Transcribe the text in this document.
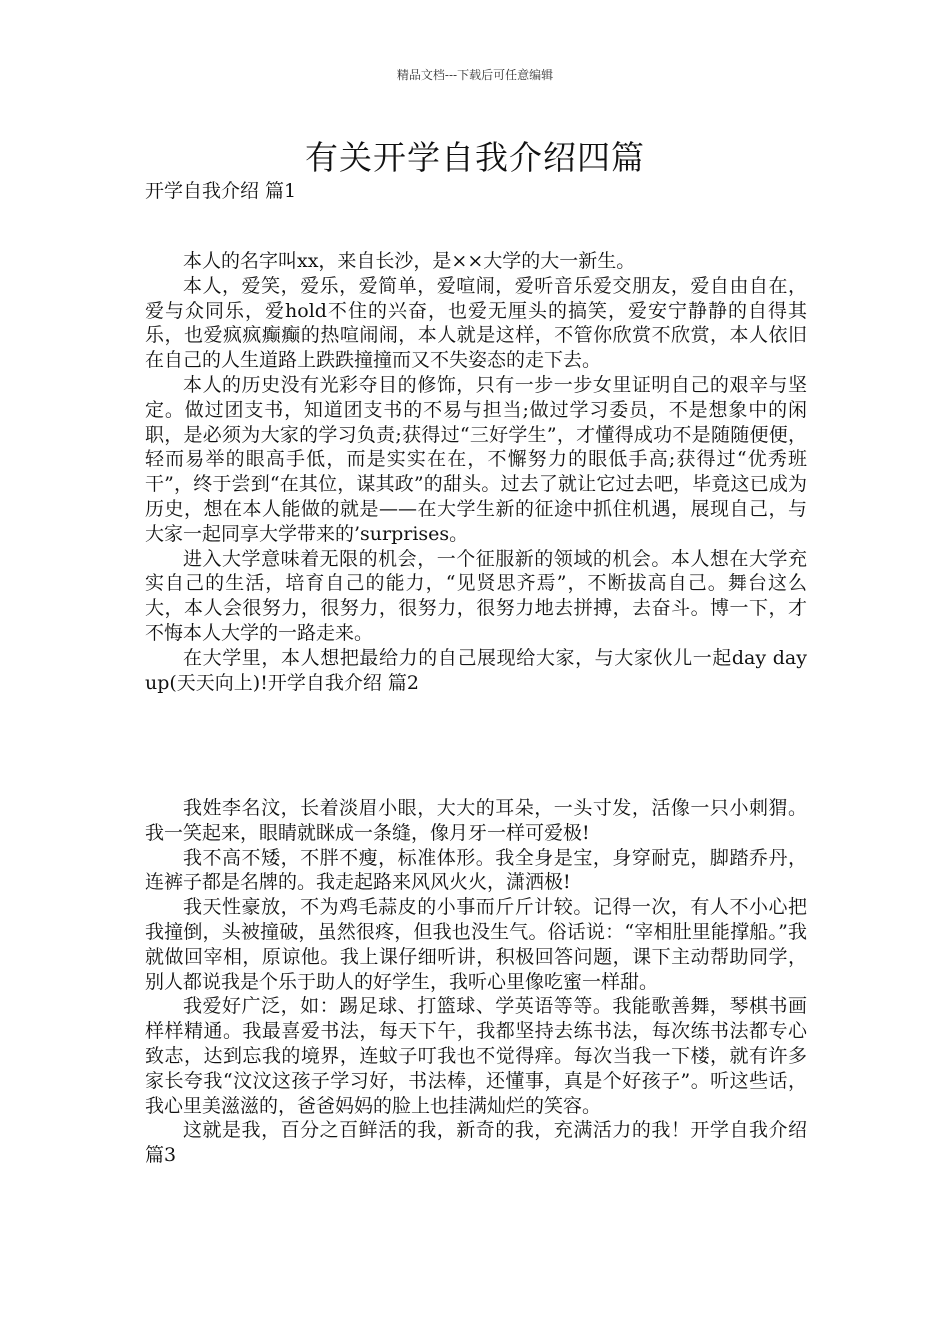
精品文档---下载后可任意编辑
有关开学自我介绍四篇
开学自我介绍 篇1

本人的名字叫xx，来自长沙，是××大学的大一新生。

本人，爱笑，爱乐，爱简单，爱喧闹，爱听音乐爱交朋友，爱自由自在，爱与众同乐，爱hold不住的兴奋，也爱无厘头的搞笑，爱安宁静静的自得其乐，也爱疯疯癫癫的热喧闹闹，本人就是这样，不管你欣赏不欣赏，本人依旧在自己的人生道路上跌跌撞撞而又不失姿态的走下去。

本人的历史没有光彩夺目的修饰，只有一步一步女里证明自己的艰辛与坚定。做过团支书，知道团支书的不易与担当;做过学习委员，不是想象中的闲职，是必须为大家的学习负责;获得过“三好学生”，才懂得成功不是随随便便，轻而易举的眼高手低，而是实实在在，不懈努力的眼低手高;获得过“优秀班干”，终于尝到“在其位，谋其政”的甜头。过去了就让它过去吧，毕竟这已成为历史，想在本人能做的就是——在大学生新的征途中抓住机遇，展现自己，与大家一起同享大学带来的’surprises。

进入大学意味着无限的机会，一个征服新的领域的机会。本人想在大学充实自己的生活，培育自己的能力，“见贤思齐焉”，不断拔高自己。舞台这么大，本人会很努力，很努力，很努力，很努力地去拼搏，去奋斗。博一下，才不悔本人大学的一路走来。

在大学里，本人想把最给力的自己展现给大家，与大家伙儿一起day day up(天天向上)!开学自我介绍 篇2

我姓李名汶，长着淡眉小眼，大大的耳朵，一头寸发，活像一只小刺猬。我一笑起来，眼睛就眯成一条缝，像月牙一样可爱极!

我不高不矮，不胖不瘦，标准体形。我全身是宝，身穿耐克，脚踏乔丹，连裤子都是名牌的。我走起路来风风火火，潇洒极!

我天性豪放，不为鸡毛蒜皮的小事而斤斤计较。记得一次，有人不小心把我撞倒，头被撞破，虽然很疼，但我也没生气。俗话说：“宰相肚里能撑船。”我就做回宰相，原谅他。我上课仔细听讲，积极回答问题，课下主动帮助同学，别人都说我是个乐于助人的好学生，我听心里像吃蜜一样甜。

我爱好广泛，如：踢足球、打篮球、学英语等等。我能歌善舞，琴棋书画样样精通。我最喜爱书法，每天下午，我都坚持去练书法，每次练书法都专心致志，达到忘我的境界，连蚊子叮我也不觉得痒。每次当我一下楼，就有许多家长夸我“汶汶这孩子学习好，书法棒，还懂事，真是个好孩子”。听这些话，我心里美滋滋的，爸爸妈妈的脸上也挂满灿烂的笑容。

这就是我，百分之百鲜活的我，新奇的我，充满活力的我！开学自我介绍 篇3
